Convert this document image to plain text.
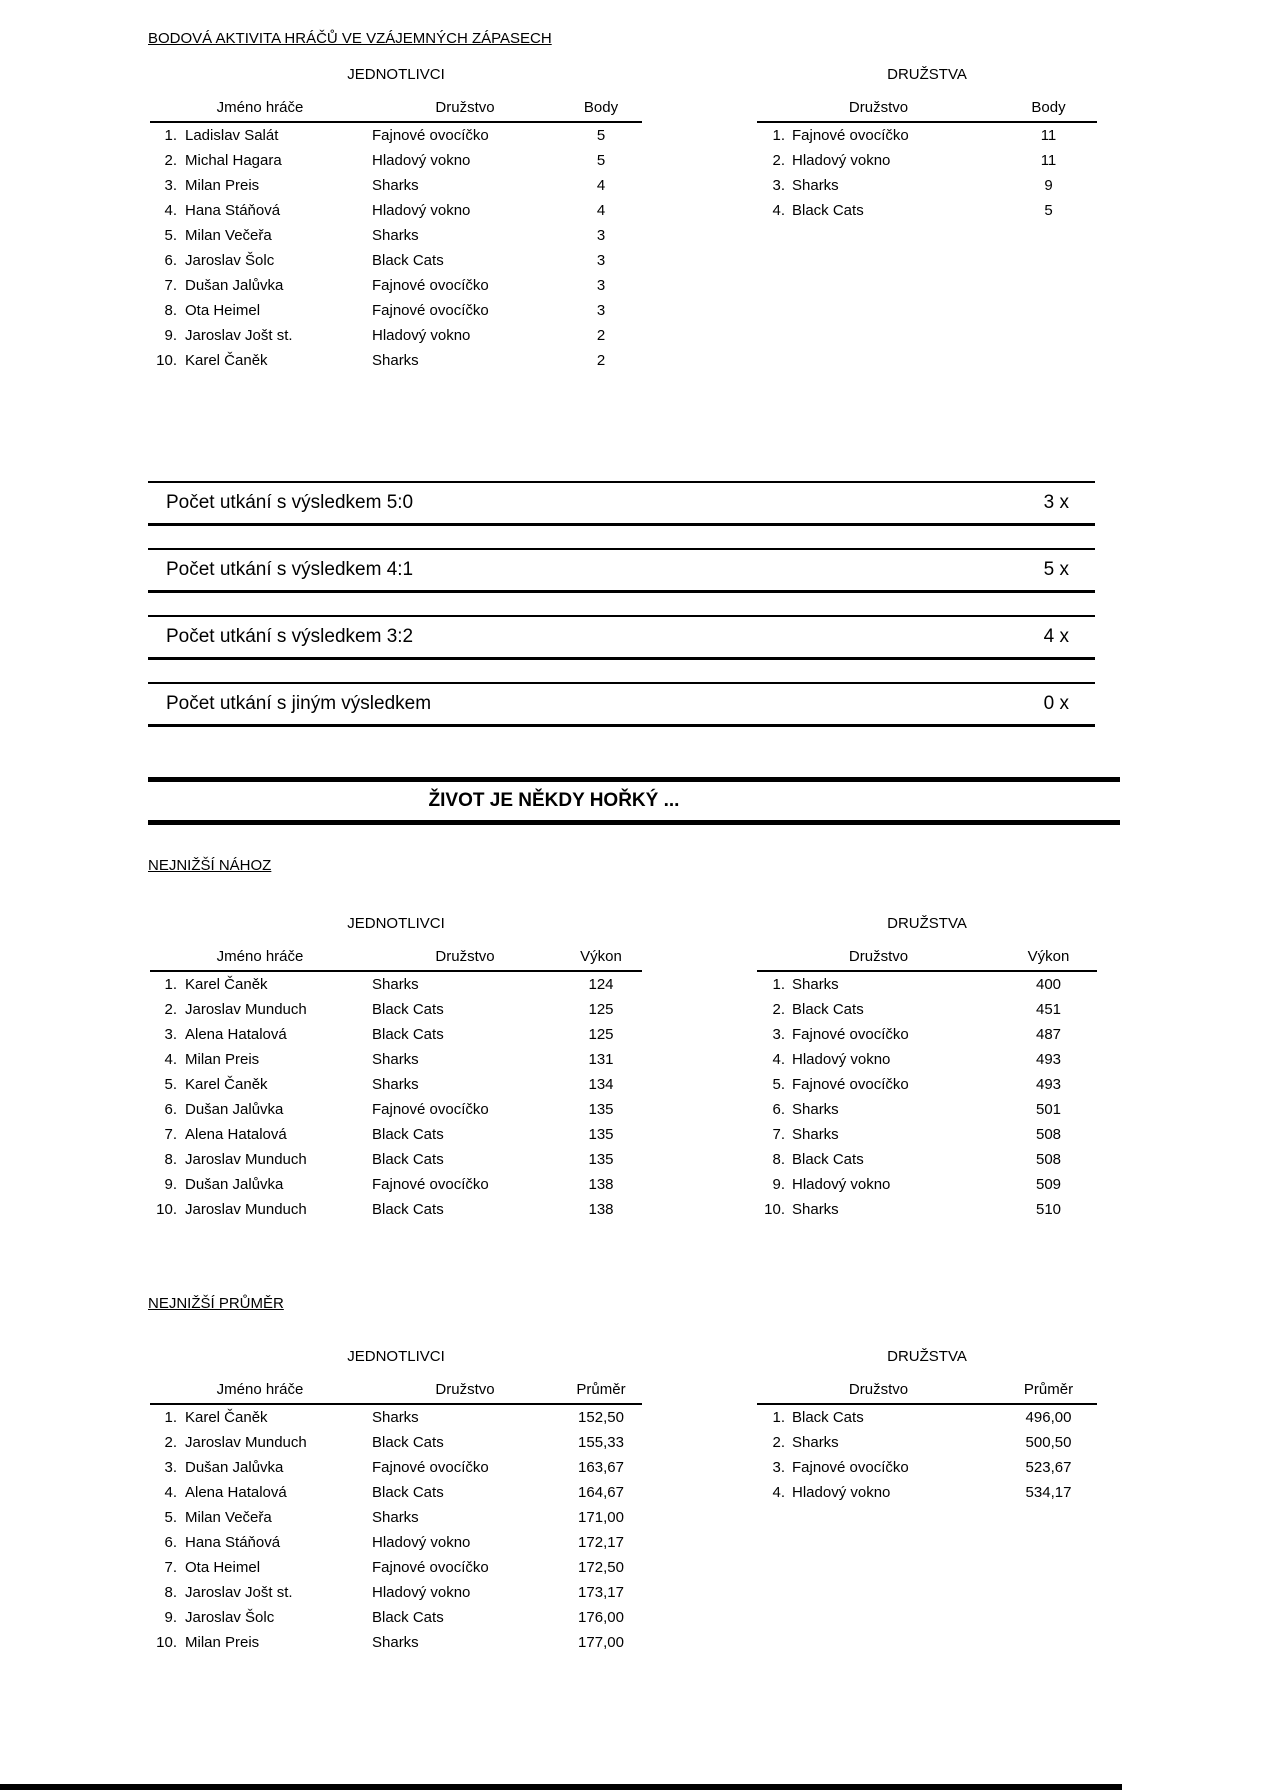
BODOVÁ AKTIVITA HRÁČŮ VE VZÁJEMNÝCH ZÁPASECH
JEDNOTLIVCI
Jméno hráče	Družstvo	Body
1. Ladislav Salát	Fajnové ovocíčko	5
2. Michal Hagara	Hladový vokno	5
3. Milan Preis	Sharks	4
4. Hana Stáňová	Hladový vokno	4
5. Milan Večeřa	Sharks	3
6. Jaroslav Šolc	Black Cats	3
7. Dušan Jalůvka	Fajnové ovocíčko	3
8. Ota Heimel	Fajnové ovocíčko	3
9. Jaroslav Jošt st.	Hladový vokno	2
10. Karel Čaněk	Sharks	2
DRUŽSTVA
Družstvo	Body
1. Fajnové ovocíčko	11
2. Hladový vokno	11
3. Sharks	9
4. Black Cats	5
Počet utkání s výsledkem 5:0	3 x
Počet utkání s výsledkem 4:1	5 x
Počet utkání s výsledkem 3:2	4 x
Počet utkání s jiným výsledkem	0 x
ŽIVOT JE NĚKDY HOŘKÝ ...
NEJNIŽŠÍ NÁHOZ
JEDNOTLIVCI
Jméno hráče	Družstvo	Výkon
1. Karel Čaněk	Sharks	124
2. Jaroslav Munduch	Black Cats	125
3. Alena Hatalová	Black Cats	125
4. Milan Preis	Sharks	131
5. Karel Čaněk	Sharks	134
6. Dušan Jalůvka	Fajnové ovocíčko	135
7. Alena Hatalová	Black Cats	135
8. Jaroslav Munduch	Black Cats	135
9. Dušan Jalůvka	Fajnové ovocíčko	138
10. Jaroslav Munduch	Black Cats	138
DRUŽSTVA
Družstvo	Výkon
1. Sharks	400
2. Black Cats	451
3. Fajnové ovocíčko	487
4. Hladový vokno	493
5. Fajnové ovocíčko	493
6. Sharks	501
7. Sharks	508
8. Black Cats	508
9. Hladový vokno	509
10. Sharks	510
NEJNIŽŠÍ PRŮMĚR
JEDNOTLIVCI
Jméno hráče	Družstvo	Průměr
1. Karel Čaněk	Sharks	152,50
2. Jaroslav Munduch	Black Cats	155,33
3. Dušan Jalůvka	Fajnové ovocíčko	163,67
4. Alena Hatalová	Black Cats	164,67
5. Milan Večeřa	Sharks	171,00
6. Hana Stáňová	Hladový vokno	172,17
7. Ota Heimel	Fajnové ovocíčko	172,50
8. Jaroslav Jošt st.	Hladový vokno	173,17
9. Jaroslav Šolc	Black Cats	176,00
10. Milan Preis	Sharks	177,00
DRUŽSTVA
Družstvo	Průměr
1. Black Cats	496,00
2. Sharks	500,50
3. Fajnové ovocíčko	523,67
4. Hladový vokno	534,17
